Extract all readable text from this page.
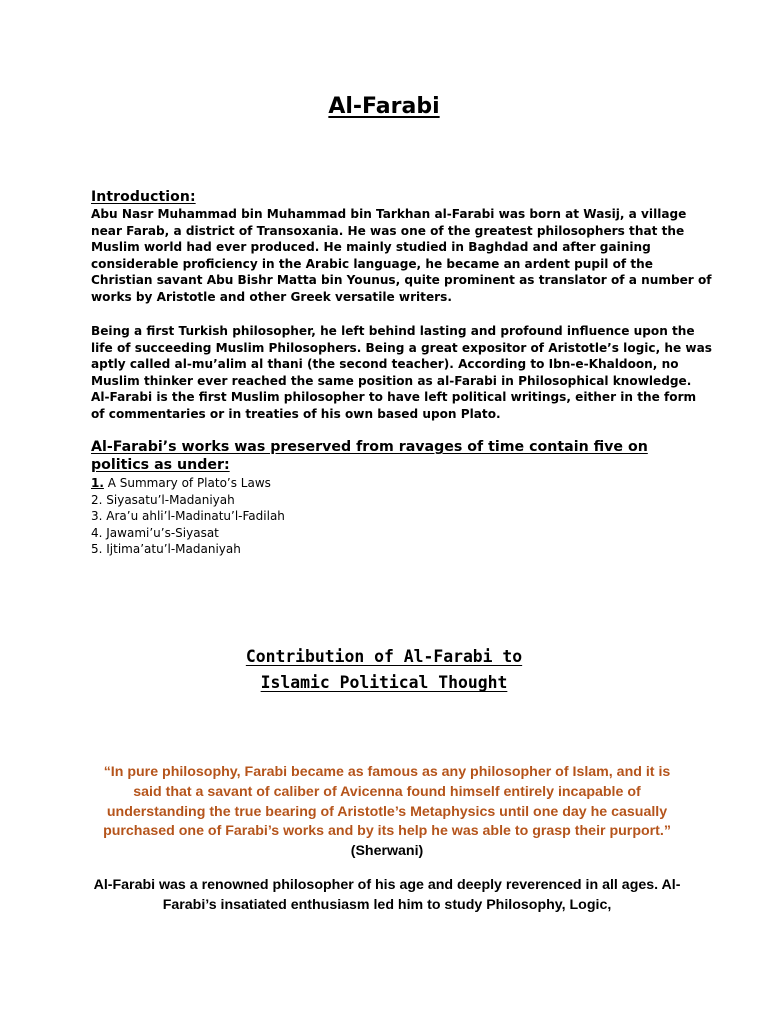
Al-Farabi
Introduction:

Abu Nasr Muhammad bin Muhammad bin Tarkhan al-Farabi was born at Wasij, a village near Farab, a district of Transoxania. He was one of the greatest philosophers that the Muslim world had ever produced. He mainly studied in Baghdad and after gaining considerable proficiency in the Arabic language, he became an ardent pupil of the Christian savant Abu Bishr Matta bin Younus, quite prominent as translator of a number of works by Aristotle and other Greek versatile writers.

Being a first Turkish philosopher, he left behind lasting and profound influence upon the life of succeeding Muslim Philosophers. Being a great expositor of Aristotle’s logic, he was aptly called al-mu’alim al thani (the second teacher). According to Ibn-e-Khaldoon, no Muslim thinker ever reached the same position as al-Farabi in Philosophical knowledge. Al-Farabi is the first Muslim philosopher to have left political writings, either in the form of commentaries or in treaties of his own based upon Plato.

Al-Farabi’s works was preserved from ravages of time contain five on politics as under:
1. A Summary of Plato’s Laws
2. Siyasatu’l-Madaniyah
3. Ara’u ahli’l-Madinatu’l-Fadilah
4. Jawami’u’s-Siyasat
5. Ijtima’atu’l-Madaniyah
Contribution of Al-Farabi to
Islamic Political Thought

“In pure philosophy, Farabi became as famous as any philosopher of Islam, and it is said that a savant of caliber of Avicenna found himself entirely incapable of understanding the true bearing of Aristotle’s Metaphysics until one day he casually purchased one of Farabi’s works and by its help he was able to grasp their purport.” (Sherwani)

Al-Farabi was a renowned philosopher of his age and deeply reverenced in all ages. Al-Farabi’s insatiated enthusiasm led him to study Philosophy, Logic,
